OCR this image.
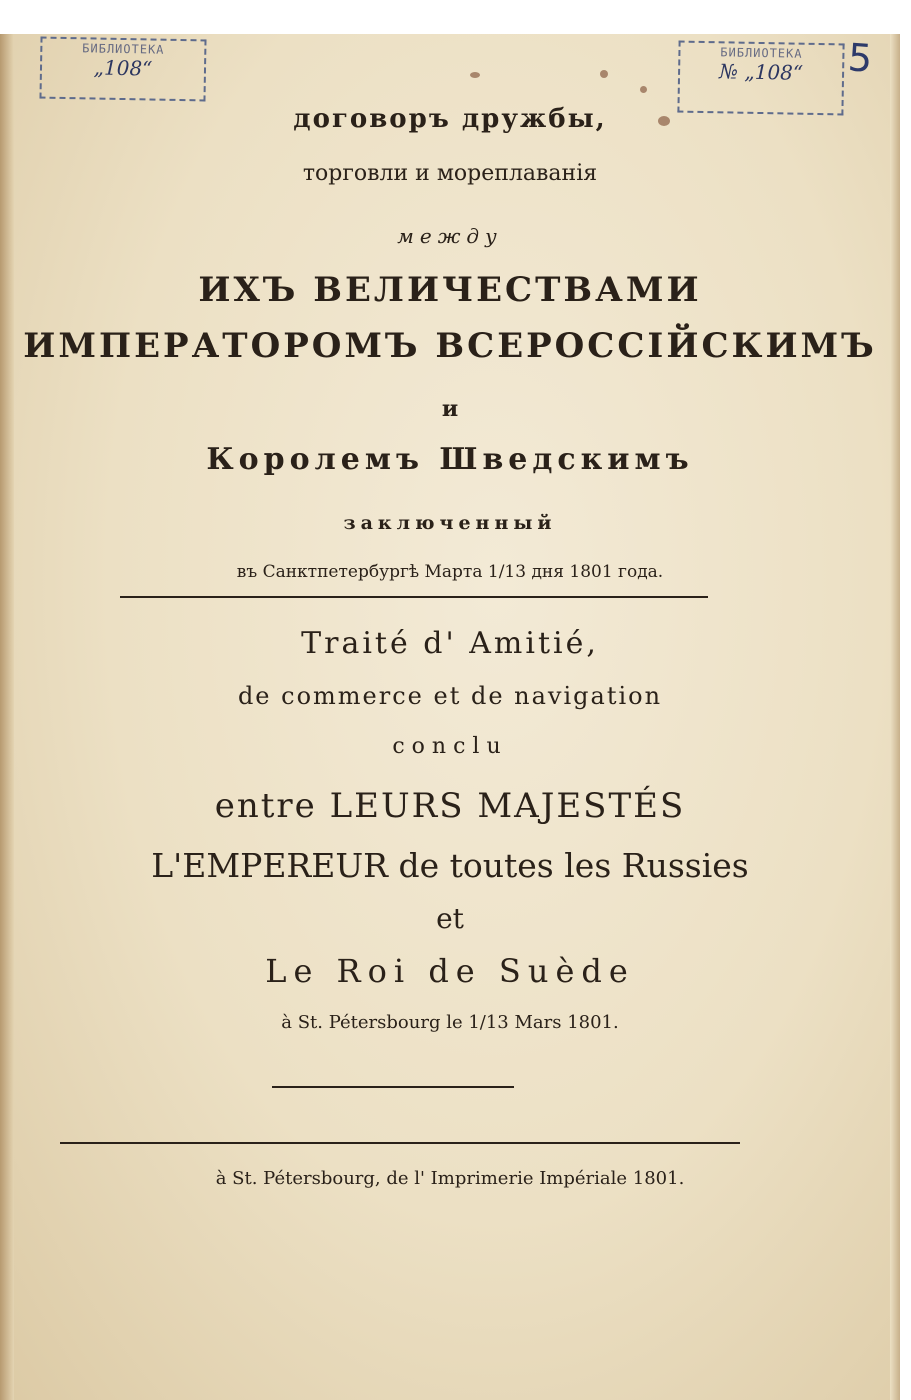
БИБЛИОТЕКА
„108“
БИБЛИОТЕКА
№ „108“	5
договоръ дружбы,
торговли и мореплаванія
между
ИХЪ ВЕЛИЧЕСТВАМИ
ИМПЕРАТОРОМЪ ВСЕРОССІЙСКИМЪ
и
Королемъ Шведскимъ
заключенный
въ Санктпетербургѣ Марта 1/13 дня 1801 года.
Traité d' Amitié,
de commerce et de navigation
conclu
entre LEURS MAJESTÉS
L'EMPEREUR de toutes les Russies
et
Le Roi de Suède
à St. Pétersbourg le 1/13 Mars 1801.
à St. Pétersbourg, de l' Imprimerie Impériale 1801.
